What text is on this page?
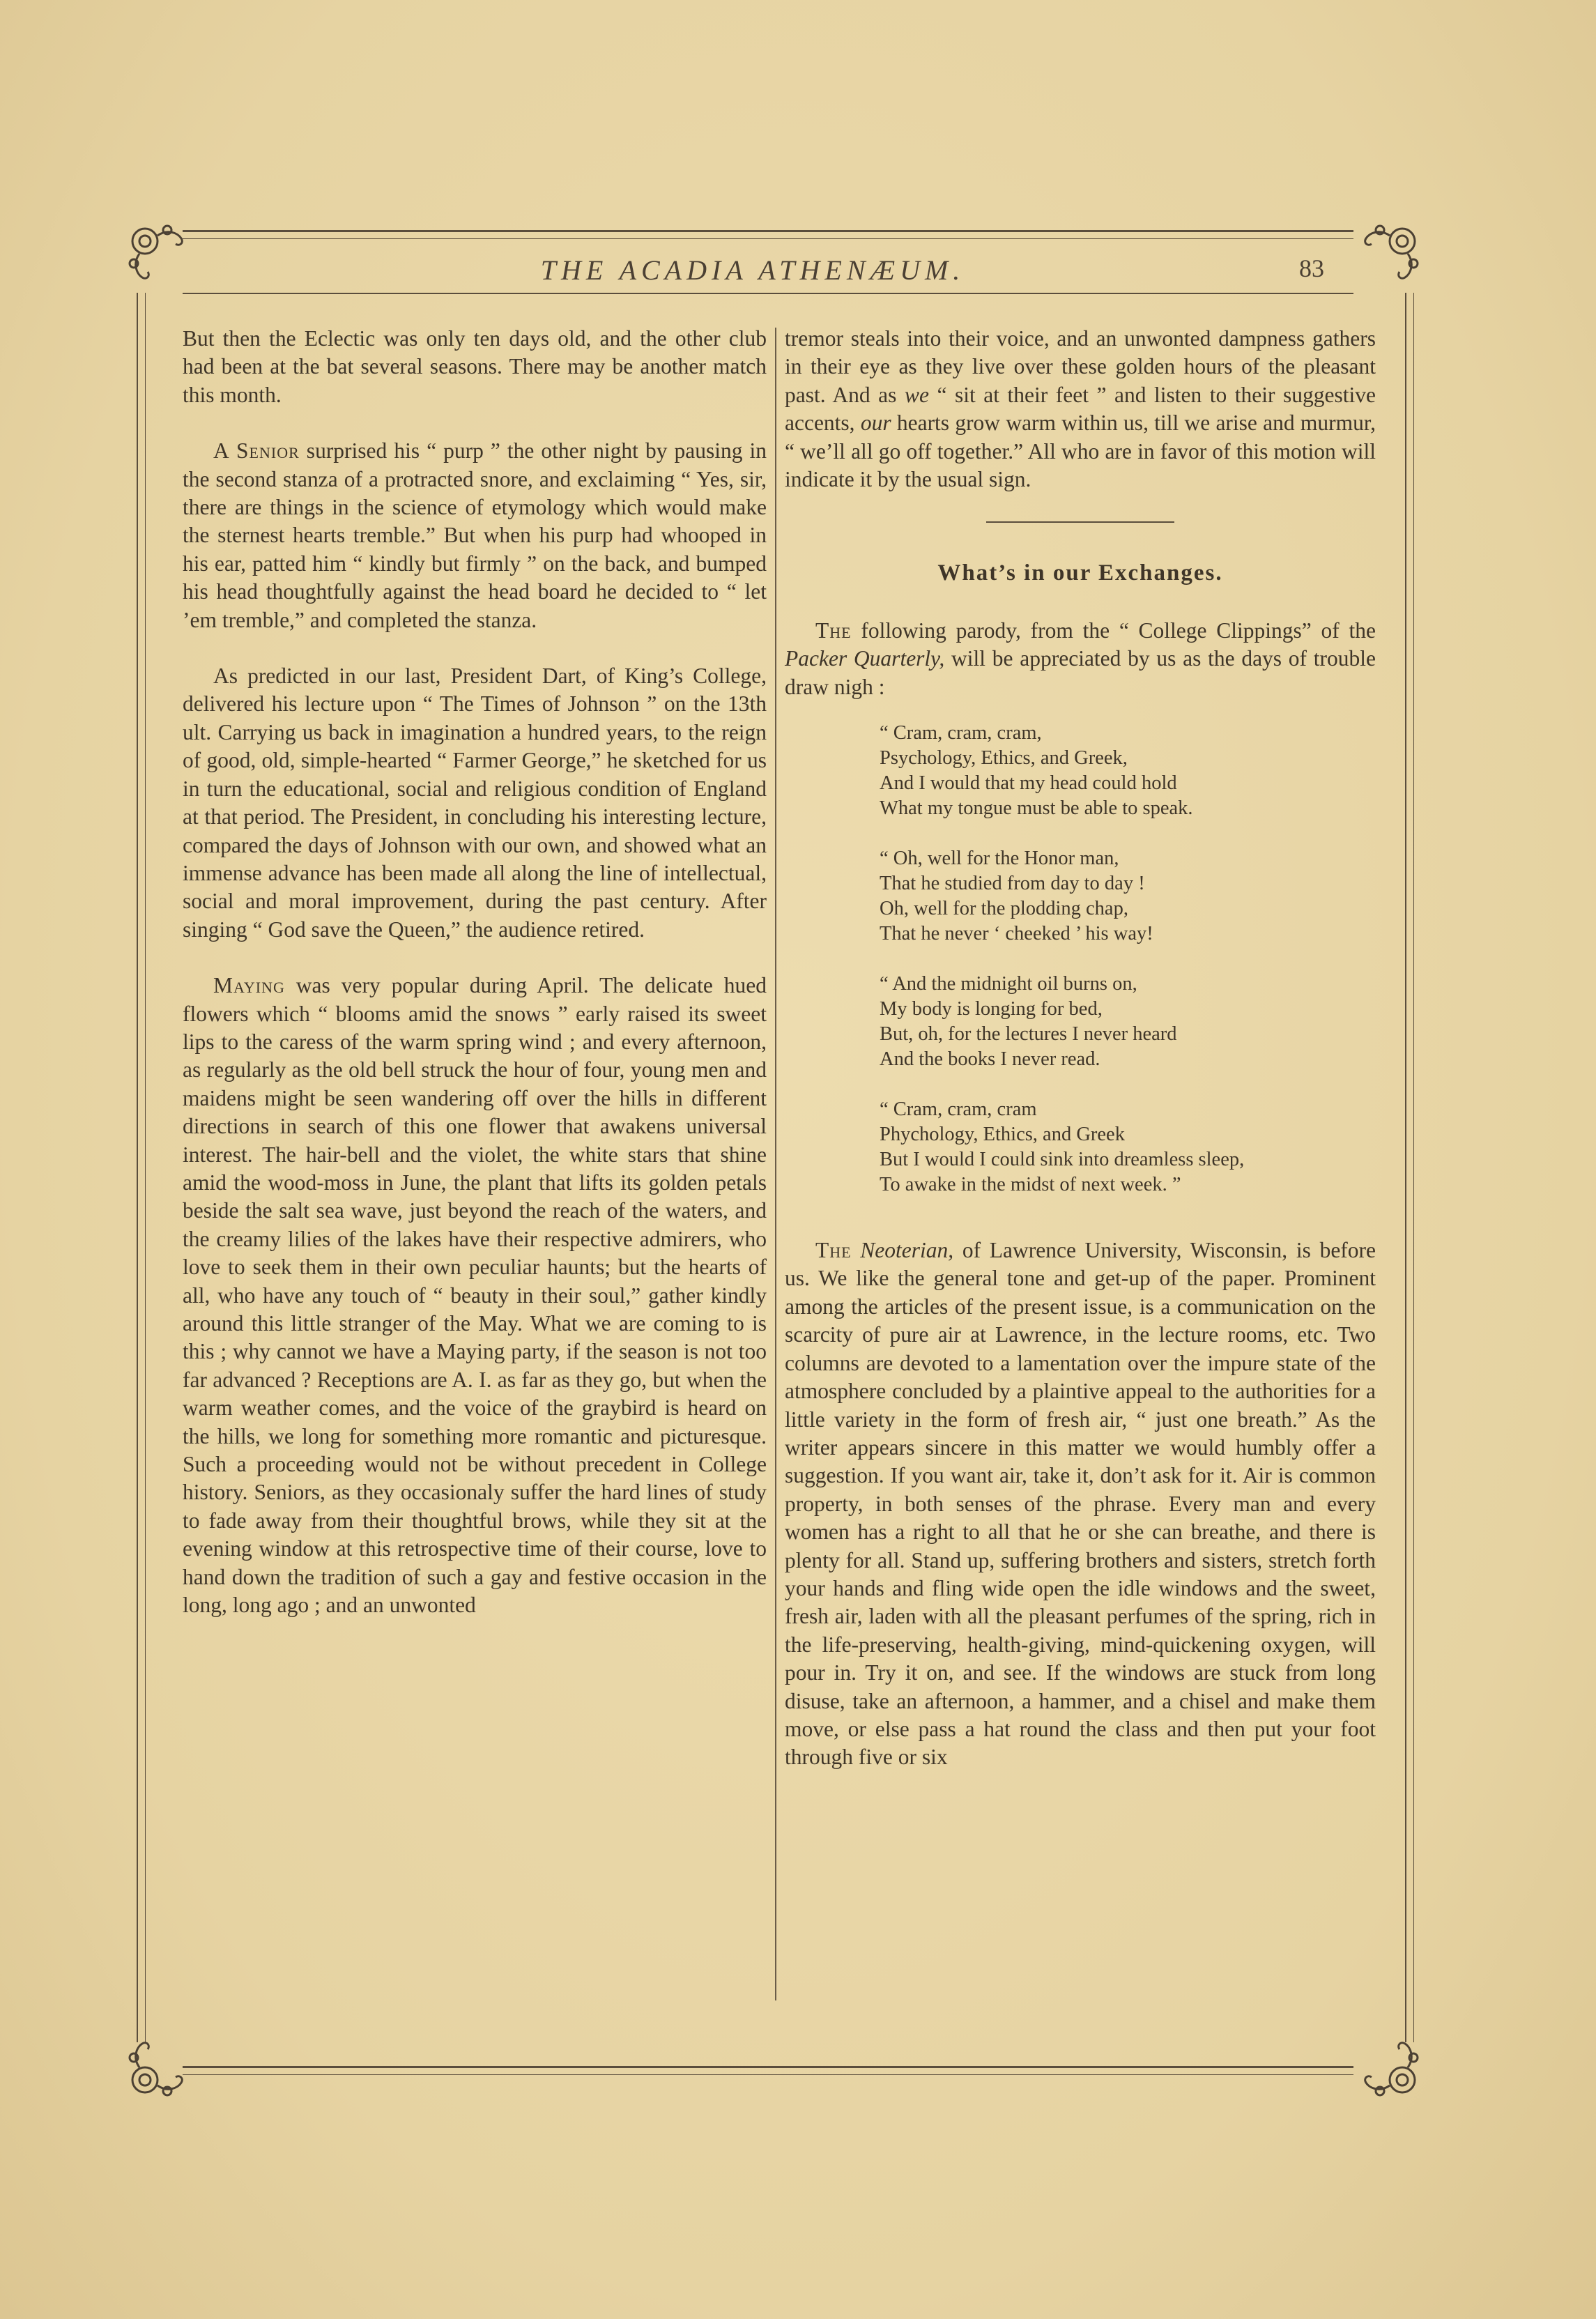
THE ACADIA ATHENÆUM.	83

But then the Eclectic was only ten days old, and the other club had been at the bat several seasons. There may be another match this month.

A Senior surprised his “ purp ” the other night by pausing in the second stanza of a protracted snore, and exclaiming “ Yes, sir, there are things in the science of etymology which would make the sternest hearts tremble.” But when his purp had whooped in his ear, patted him “ kindly but firmly ” on the back, and bumped his head thoughtfully against the head board he decided to “ let ’em tremble,” and completed the stanza.

As predicted in our last, President Dart, of King’s College, delivered his lecture upon “ The Times of Johnson ” on the 13th ult. Carrying us back in imagination a hundred years, to the reign of good, old, simple-hearted “ Farmer George,” he sketched for us in turn the educational, social and religious condition of England at that period. The President, in concluding his interesting lecture, compared the days of Johnson with our own, and showed what an immense advance has been made all along the line of intellectual, social and moral improvement, during the past century. After singing “ God save the Queen,” the audience retired.

Maying was very popular during April. The delicate hued flowers which “ blooms amid the snows ” early raised its sweet lips to the caress of the warm spring wind ; and every afternoon, as regularly as the old bell struck the hour of four, young men and maidens might be seen wandering off over the hills in different directions in search of this one flower that awakens universal interest. The hair-bell and the violet, the white stars that shine amid the wood-moss in June, the plant that lifts its golden petals beside the salt sea wave, just beyond the reach of the waters, and the creamy lilies of the lakes have their respective admirers, who love to seek them in their own peculiar haunts; but the hearts of all, who have any touch of “ beauty in their soul,” gather kindly around this little stranger of the May. What we are coming to is this ; why cannot we have a Maying party, if the season is not too far advanced ? Receptions are A. I. as far as they go, but when the warm weather comes, and the voice of the graybird is heard on the hills, we long for something more romantic and picturesque. Such a proceeding would not be without precedent in College history. Seniors, as they occasionaly suffer the hard lines of study to fade away from their thoughtful brows, while they sit at the evening window at this retrospective time of their course, love to hand down the tradition of such a gay and festive occasion in the long, long ago ; and an unwonted

tremor steals into their voice, and an unwonted dampness gathers in their eye as they live over these golden hours of the pleasant past. And as we “ sit at their feet ” and listen to their suggestive accents, our hearts grow warm within us, till we arise and murmur, “ we’ll all go off together.” All who are in favor of this motion will indicate it by the usual sign.

What’s in our Exchanges.

The following parody, from the “ College Clippings” of the Packer Quarterly, will be appreciated by us as the days of trouble draw nigh :

“ Cram, cram, cram,
Psychology, Ethics, and Greek,
And I would that my head could hold
What my tongue must be able to speak.
“ Oh, well for the Honor man,
That he studied from day to day !
Oh, well for the plodding chap,
That he never ‘ cheeked ’ his way!
“ And the midnight oil burns on,
My body is longing for bed,
But, oh, for the lectures I never heard
And the books I never read.
“ Cram, cram, cram
Phychology, Ethics, and Greek
But I would I could sink into dreamless sleep,
To awake in the midst of next week. ”

The Neoterian, of Lawrence University, Wisconsin, is before us. We like the general tone and get-up of the paper. Prominent among the articles of the present issue, is a communication on the scarcity of pure air at Lawrence, in the lecture rooms, etc. Two columns are devoted to a lamentation over the impure state of the atmosphere concluded by a plaintive appeal to the authorities for a little variety in the form of fresh air, “ just one breath.” As the writer appears sincere in this matter we would humbly offer a suggestion. If you want air, take it, don’t ask for it. Air is common property, in both senses of the phrase. Every man and every women has a right to all that he or she can breathe, and there is plenty for all. Stand up, suffering brothers and sisters, stretch forth your hands and fling wide open the idle windows and the sweet, fresh air, laden with all the pleasant perfumes of the spring, rich in the life-preserving, health-giving, mind-quickening oxygen, will pour in. Try it on, and see. If the windows are stuck from long disuse, take an afternoon, a hammer, and a chisel and make them move, or else pass a hat round the class and then put your foot through five or six
